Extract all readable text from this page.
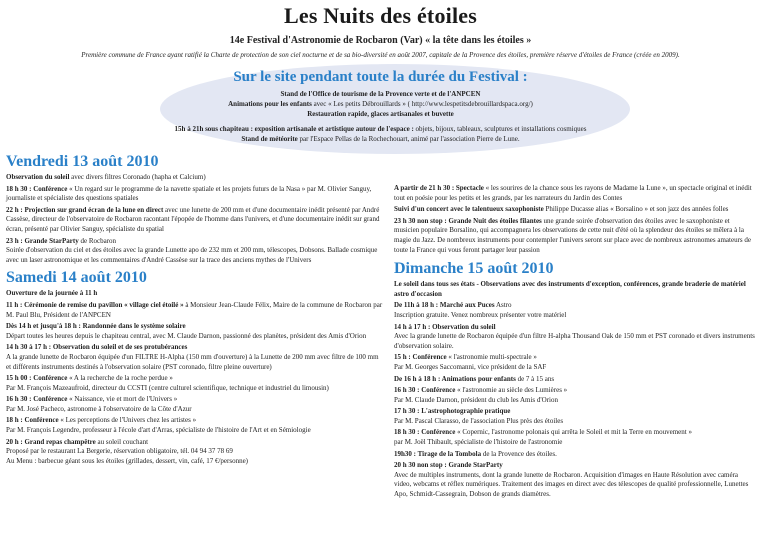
Les Nuits des étoiles
14e Festival d'Astronomie de Rocbaron (Var) « la tête dans les étoiles »
Première commune de France ayant ratifié la Charte de protection de son ciel nocturne et de sa bio-diversité en août 2007, capitale de la Provence des étoiles, première réserve d'étoiles de France (créée en 2009).
Sur le site pendant toute la durée du Festival :
Stand de l'Office de tourisme de la Provence verte et de l'ANPCEN
Animations pour les enfants avec « Les petits Débrouillards » ( http://www.lespetitsdebrouillardspaca.org/)
Restauration rapide, glaces artisanales et buvette
15h à 21h sous chapiteau : exposition artisanale et artistique autour de l'espace : objets, bijoux, tableaux, sculptures et installations cosmiques
Stand de météorite par l'Espace Pellas de la Rochechouart, animé par l'association Pierre de Lune.
Vendredi 13 août 2010
Observation du soleil avec divers filtres Coronado (hapha et Calcium)
18 h 30 : Conférence « Un regard sur le programme de la navette spatiale et les projets futurs de la Nasa » par M. Olivier Sanguy, journaliste et spécialiste des questions spatiales
22 h : Projection sur grand écran de la lune en direct avec une lunette de 200 mm et d'une documentaire inédit présenté par André Cassèse, directeur de l'observatoire de Rocbaron racontant l'épopée de l'homme dans l'univers, et d'une documentaire inédit sur grand écran, présenté par Olivier Sanguy, spécialiste du spatial
23 h : Grande StarParty de Rocbaron
Soirée d'observation du ciel et des étoiles avec la grande Lunette apo de 232 mm et 200 mm, télescopes, Dobsons. Ballade cosmique avec un laser astronomique et les commentaires d'André Cassèse sur la trace des anciens mythes de l'Univers
Samedi 14 août 2010
Ouverture de la journée à 11 h
11 h : Cérémonie de remise du pavillon « village ciel étoilé » à Monsieur Jean-Claude Félix, Maire de la commune de Rocbaron par M. Paul Blu, Président de l'ANPCEN
Dès 14 h et jusqu'à 18 h : Randonnée dans le système solaire
Départ toutes les heures depuis le chapiteau central, avec M. Claude Darnon, passionné des planètes, président des Amis d'Orion
14 h 30 à 17 h : Observation du soleil et de ses protubérances
A la grande lunette de Rocbaron équipée d'un FILTRE H-Alpha (150 mm d'ouverture) à la Lunette de 200 mm avec filtre de 100 mm et différents instruments destinés à l'observation solaire (PST coronado, filtre pleine ouverture)
15 h 00 : Conférence « A la recherche de la roche perdue »
Par M. François Mazeaufroid, directeur du CCSTI (centre culturel scientifique, technique et industriel du limousin)
16 h 30 : Conférence « Naissance, vie et mort de l'Univers »
Par M. José Pacheco, astronome à l'observatoire de la Côte d'Azur
18 h : Conférence « Les perceptions de l'Univers chez les artistes »
Par M. François Legendre, professeur à l'école d'art d'Arras, spécialiste de l'histoire de l'Art et en Sémiologie
20 h : Grand repas champêtre au soleil couchant
Proposé par le restaurant La Bergerie, réservation obligatoire, tél. 04 94 37 78 69
Au Menu : barbecue géant sous les étoiles (grillades, dessert, vin, café, 17 €/personne)
A partir de 21 h 30 : Spectacle « les sourires de la chance sous les rayons de Madame la Lune », un spectacle original et inédit tout en poésie pour les petits et les grands, par les narrateurs du Jardin des Contes
Suivi d'un concert avec le talentueux saxophoniste Philippe Ducasse alias « Borsalino » et son jazz des années folles
23 h 30 non stop : Grande Nuit des étoiles filantes une grande soirée d'observation des étoiles avec le saxophoniste et musicien populaire Borsalino, qui accompagnera les observations de cette nuit d'été où la splendeur des étoiles se mêlera à la magie du Jazz. De nombreux instruments pour contempler l'univers seront sur place avec de nombreux astronomes amateurs de toute la France qui vous feront partager leur passion
Dimanche 15 août 2010
Le soleil dans tous ses états - Observations avec des instruments d'exception, conférences, grande braderie de matériel astro d'occasion
De 11h à 18 h : Marché aux Puces Astro
Inscription gratuite. Venez nombreux présenter votre matériel
14 h à 17 h : Observation du soleil
Avec la grande lunette de Rocbaron équipée d'un filtre H-alpha Thousand Oak de 150 mm et PST coronado et divers instruments d'observation solaire.
15 h : Conférence « l'astronomie multi-spectrale »
Par M. Georges Saccomanni, vice président de la SAF
De 16 h à 18 h : Animations pour enfants de 7 à 15 ans
16 h 30 : Conférence « l'astronomie au siècle des Lumières »
Par M. Claude Darnon, président du club les Amis d'Orion
17 h 30 : L'astrophotographie pratique
Par M. Pascal Clarasso, de l'association Plus près des étoiles
18 h 30 : Conférence « Copernic, l'astronome polonais qui arrêta le Soleil et mit la Terre en mouvement »
par M. Joël Thibault, spécialiste de l'histoire de l'astronomie
19h30 : Tirage de la Tombola de la Provence des étoiles.
20 h 30 non stop : Grande StarParty
Avec de multiples instruments, dont la grande lunette de Rocbaron. Acquisition d'images en Haute Résolution avec caméra video, webcams et réflex numériques. Traitement des images en direct avec des télescopes de qualité professionnelle, Lunettes Apo, Schmidt-Cassegrain, Dobson de grands diamètres.
